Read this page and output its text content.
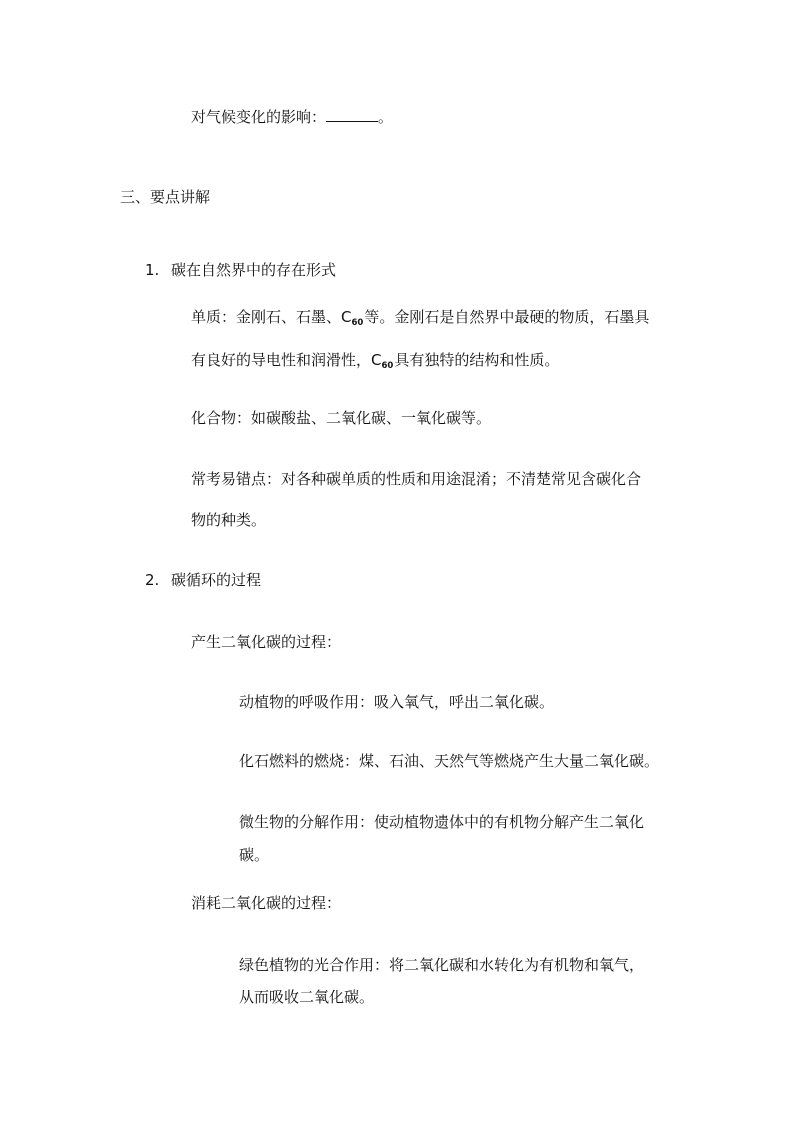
对气候变化的影响：	。
三、要点讲解
1. 碳在自然界中的存在形式
单质：金刚石、石墨、$C_{60}$等。金刚石是自然界中最硬的物质，石墨具
有良好的导电性和润滑性，$C_{60}$具有独特的结构和性质。
化合物：如碳酸盐、二氧化碳、一氧化碳等。
常考易错点：对各种碳单质的性质和用途混淆；不清楚常见含碳化合
物的种类。
2. 碳循环的过程
产生二氧化碳的过程：
动植物的呼吸作用：吸入氧气，呼出二氧化碳。
化石燃料的燃烧：煤、石油、天然气等燃烧产生大量二氧化碳。
微生物的分解作用：使动植物遗体中的有机物分解产生二氧化
碳。
消耗二氧化碳的过程：
绿色植物的光合作用：将二氧化碳和水转化为有机物和氧气，
从而吸收二氧化碳。
